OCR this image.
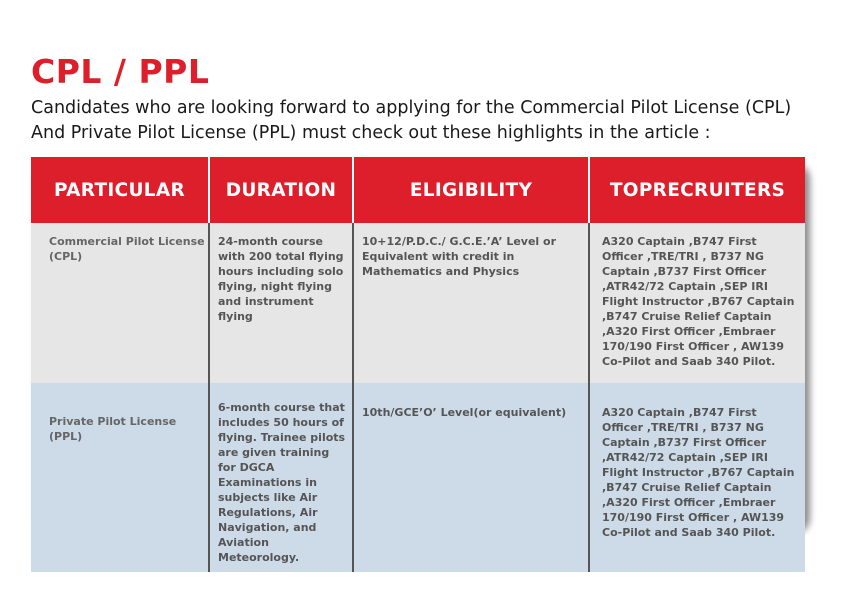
CPL / PPL

Candidates who are looking forward to applying for the Commercial Pilot License (CPL)

And Private Pilot License (PPL) must check out these highlights in the article :

PARTICULAR	DURATION	ELIGIBILITY	TOPRECRUITERS
Commercial Pilot License (CPL)	24-month course with 200 total flying hours including solo flying, night flying and instrument flying	10+12/P.D.C./ G.C.E.’A’ Level or Equivalent with credit in Mathematics and Physics	A320 Captain ,B747 First Officer ,TRE/TRI , B737 NG Captain ,B737 First Officer ,ATR42/72 Captain ,SEP IRI Flight Instructor ,B767 Captain ,B747 Cruise Relief Captain ,A320 First Officer ,Embraer 170/190 First Officer , AW139 Co-Pilot and Saab 340 Pilot.
Private Pilot License (PPL)	6-month course that includes 50 hours of flying. Trainee pilots are given training for DGCA Examinations in subjects like Air Regulations, Air Navigation, and Aviation Meteorology.	10th/GCE’O’ Level(or equivalent)	A320 Captain ,B747 First Officer ,TRE/TRI , B737 NG Captain ,B737 First Officer ,ATR42/72 Captain ,SEP IRI Flight Instructor ,B767 Captain ,B747 Cruise Relief Captain ,A320 First Officer ,Embraer 170/190 First Officer , AW139 Co-Pilot and Saab 340 Pilot.
